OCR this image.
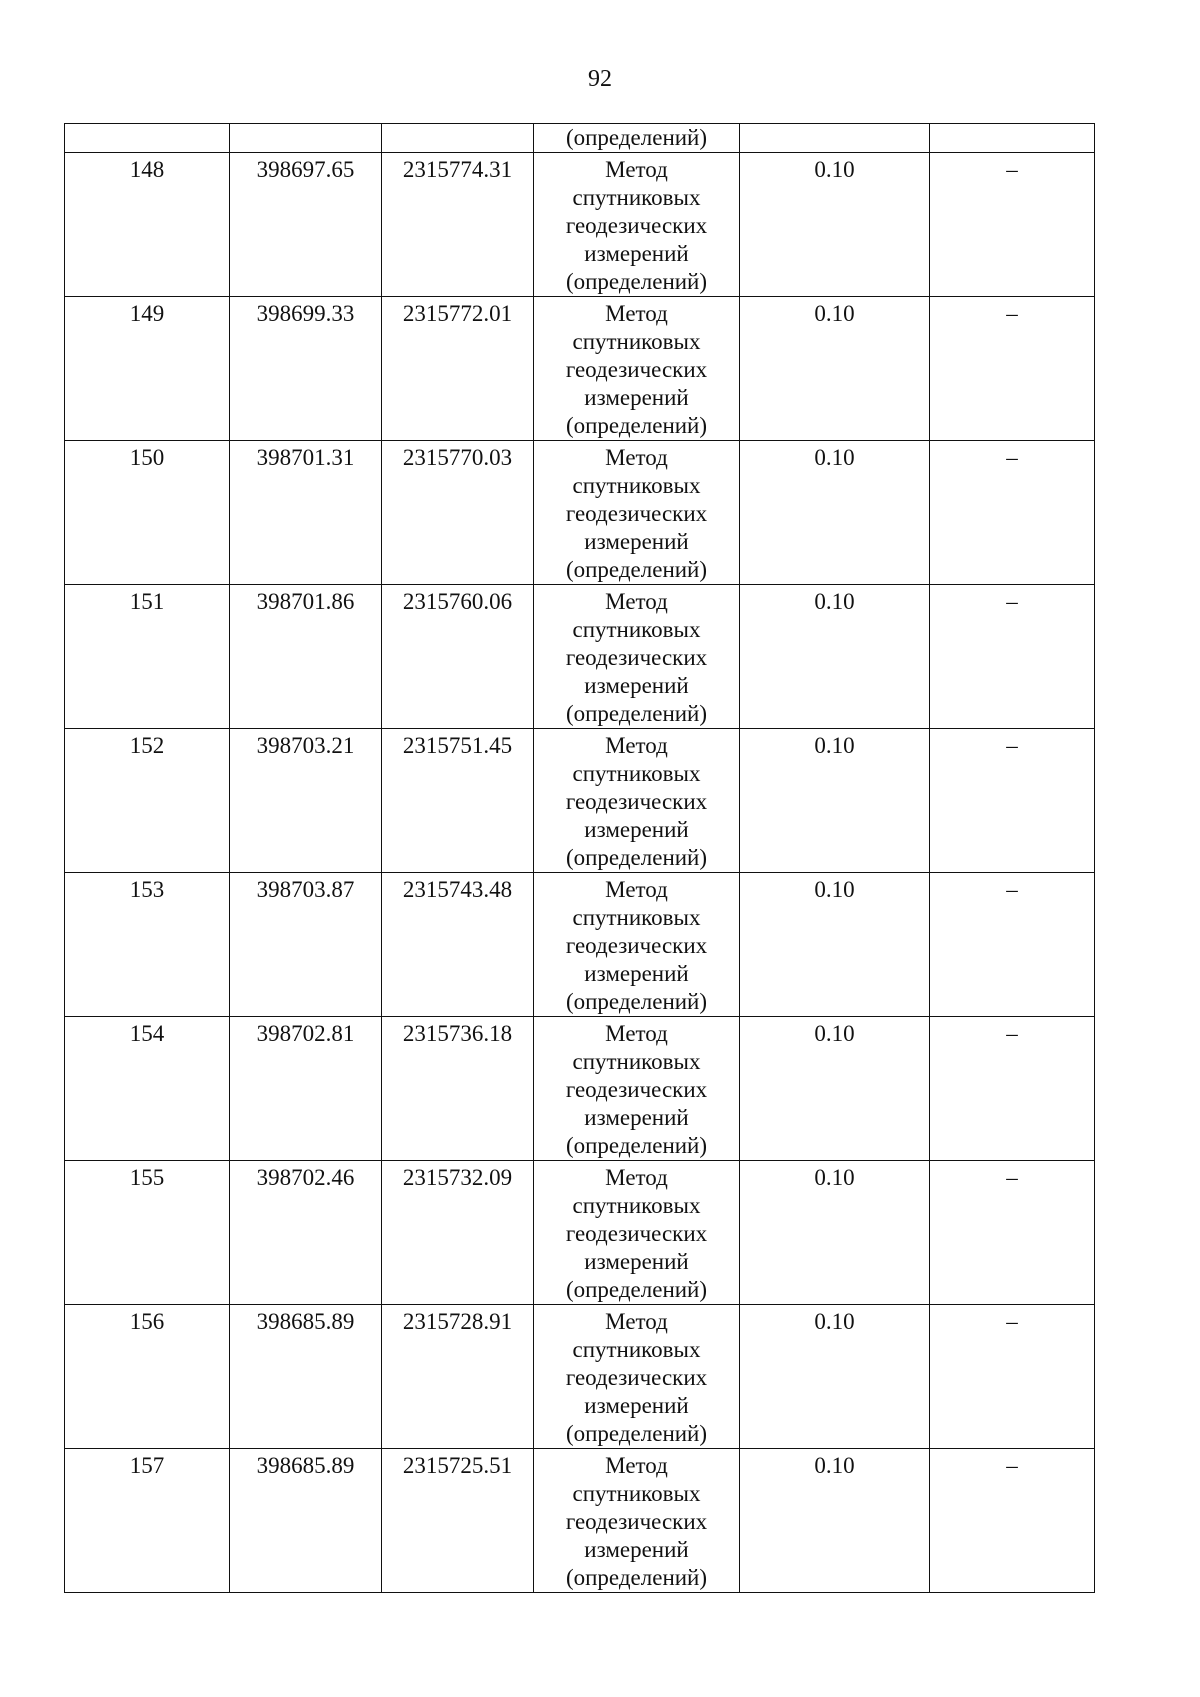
92
			(определений)		
148	398697.65	2315774.31	Метод
спутниковых
геодезических
измерений
(определений)	0.10	–
149	398699.33	2315772.01	Метод
спутниковых
геодезических
измерений
(определений)	0.10	–
150	398701.31	2315770.03	Метод
спутниковых
геодезических
измерений
(определений)	0.10	–
151	398701.86	2315760.06	Метод
спутниковых
геодезических
измерений
(определений)	0.10	–
152	398703.21	2315751.45	Метод
спутниковых
геодезических
измерений
(определений)	0.10	–
153	398703.87	2315743.48	Метод
спутниковых
геодезических
измерений
(определений)	0.10	–
154	398702.81	2315736.18	Метод
спутниковых
геодезических
измерений
(определений)	0.10	–
155	398702.46	2315732.09	Метод
спутниковых
геодезических
измерений
(определений)	0.10	–
156	398685.89	2315728.91	Метод
спутниковых
геодезических
измерений
(определений)	0.10	–
157	398685.89	2315725.51	Метод
спутниковых
геодезических
измерений
(определений)	0.10	–
